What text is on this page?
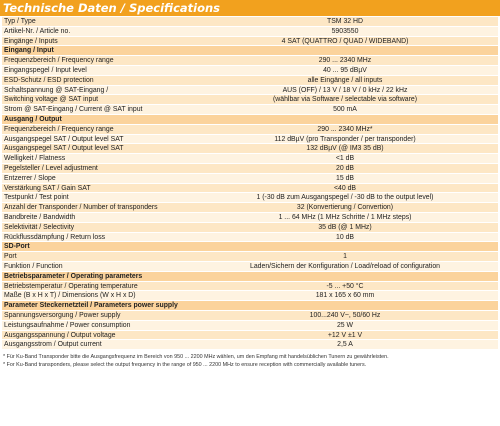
Technische Daten / Specifications
Typ / Type	TSM 32 HD
Artikel-Nr. / Article no.	5903550
Eingänge / Inputs	4 SAT (QUATTRO / QUAD / WIDEBAND)
Eingang / Input
Frequenzbereich / Frequency range	290 ... 2340 MHz
Eingangspegel / Input level	40 ... 95 dBµV
ESD-Schutz / ESD protection	alle Eingänge / all inputs
Schaltspannung @ SAT-Eingang /	AUS (OFF) / 13 V / 18 V / 0 kHz / 22 kHz
Switching voltage @ SAT input	(wählbar via Software / selectable via software)
Strom @ SAT-Eingang / Current @ SAT input	500 mA
Ausgang / Output
Frequenzbereich / Frequency range	290 ... 2340 MHz*
Ausgangspegel SAT / Output level SAT	112 dBµV (pro Transponder / per transponder)
Ausgangspegel SAT / Output level SAT	132 dBµV (@ IM3 35 dB)
Welligkeit / Flatness	<1 dB
Pegelsteller / Level adjustment	20 dB
Entzerrer / Slope	15 dB
Verstärkung SAT / Gain SAT	<40 dB
Testpunkt / Test point	1 (-30 dB zum Ausgangspegel / -30 dB to the output level)
Anzahl der Transponder / Number of transponders	32 (Konvertierung / Convertion)
Bandbreite / Bandwidth	1 ... 64 MHz (1 MHz Schritte / 1 MHz steps)
Selektivität / Selectivity	35 dB (@ 1 MHz)
Rückflussdämpfung / Return loss	10 dB
SD-Port
Port	1
Funktion / Function	Laden/Sichern der Konfiguration / Load/reload of configuration
Betriebsparameter / Operating parameters
Betriebstemperatur / Operating temperature	-5 ... +50 °C
Maße (B x H x T) / Dimensions (W x H x D)	181 x 165 x 60 mm
Parameter Steckernetzteil / Parameters power supply
Spannungsversorgung / Power supply	100...240 V~, 50/60 Hz
Leistungsaufnahme / Power consumption	25 W
Ausgangsspannung / Output voltage	+12 V ±1 V
Ausgangsstrom / Output current	2,5 A
* Für Ku-Band Transponder bitte die Ausgangsfrequenz im Bereich von 950 ... 2200 MHz wählen, um den Empfang mit handelsüblichen Tunern zu gewährleisten.
* For Ku-Band transponders, please select the output frequency in the range of 950 ... 2200 MHz to ensure reception with commercially available tuners.
